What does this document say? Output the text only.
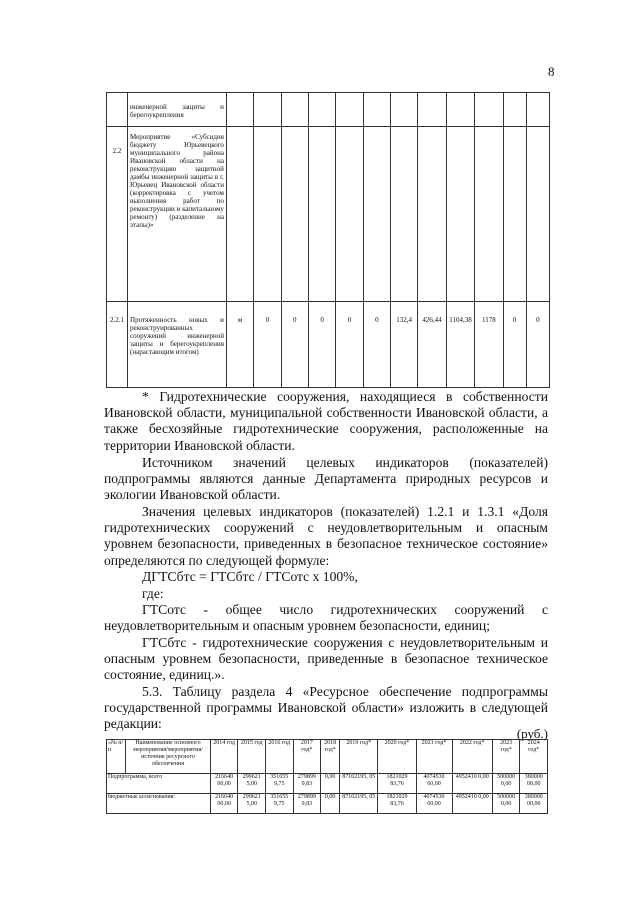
8
	инженерной защиты и берегоукрепления												
2.2	Мероприятие «Субсидия бюджету Юрьевецкого муниципального района Ивановской области на реконструкцию защитной дамбы инженерной защиты в г. Юрьевец Ивановской области (корректировка с учетом выполнения работ по реконструкции и капитальному ремонту) (разделение на этапы)»												
2.2.1	Протяженность новых и реконструированных сооружений инженерной защиты и берегоукрепления (нарастающим итогом)	м	0	0	0	0	0	132,4	426,44	1104,38	1178	0	0

* Гидротехнические сооружения, находящиеся в собственности Ивановской области, муниципальной собственности Ивановской области, а также бесхозяйные гидротехнические сооружения, расположенные на территории Ивановской области.

Источником значений целевых индикаторов (показателей) подпрограммы являются данные Департамента природных ресурсов и экологии Ивановской области.

Значения целевых индикаторов (показателей) 1.2.1 и 1.3.1 «Доля гидротехнических сооружений с неудовлетворительным и опасным уровнем безопасности, приведенных в безопасное техническое состояние» определяются по следующей формуле:

ДГТСбтс = ГТСбтс / ГТСотс х 100%,

где:

ГТСотс - общее число гидротехнических сооружений с неудовлетворительным и опасным уровнем безопасности, единиц;

ГТСбтс - гидротехнические сооружения с неудовлетворительным и опасным уровнем безопасности, приведенные в безопасное техническое состояние, единиц.».

5.3. Таблицу раздела 4 «Ресурсное обеспечение подпрограммы государственной программы Ивановской области» изложить в следующей редакции:

(руб.)

«№ п/п	Наименование основного мероприятия/мероприятия/ источник ресурсного обеспечения	2014 год	2015 год	2016 год	2017 год*	2018 год*	2019 год*	2020 год*	2021 год*	2022 год*	2023 год*	2024 год*
Подпрограмма, всего		216640 00,00	299621 5,00	351655 9,75	279899 9,83	0,00	87102195, 05	1821029 83,76	4074530 60,00	4952410 0,00	500000 0,00	380000 00,00
бюджетные ассигнования:		216640 00,00	299621 5,00	351655 9,75	279899 9,83	0,00	87102195, 05	1821029 83,76	4074530 60,00	4952410 0,00	500000 0,00	380000 00,00
